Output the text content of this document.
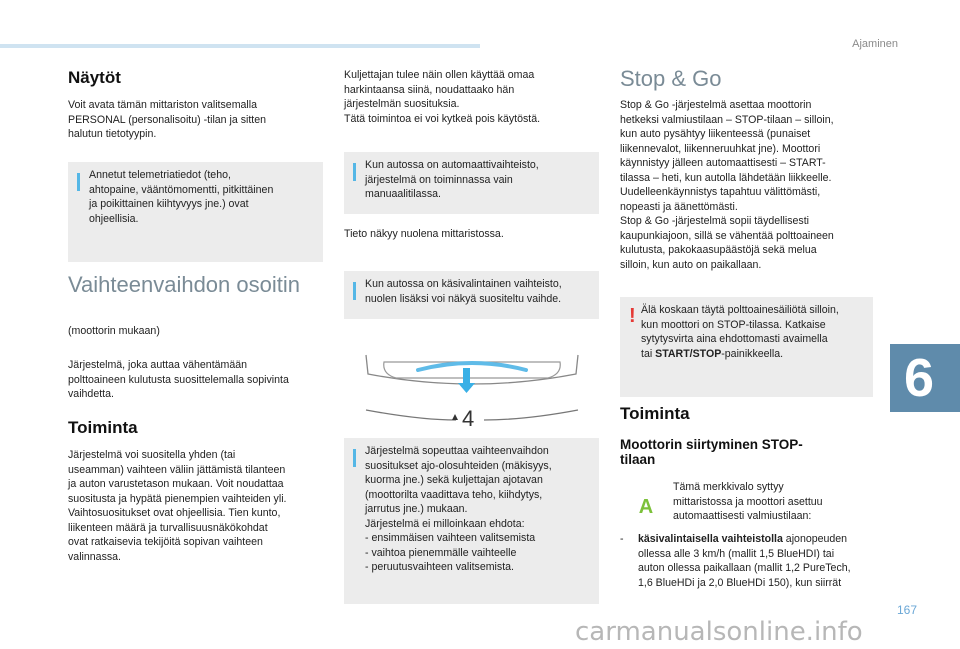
Ajaminen
Näytöt
Voit avata tämän mittariston valitsemalla
PERSONAL (personalisoitu) -tilan ja sitten
halutun tietotyypin.
Annetut telemetriatiedot (teho,
ahtopaine, vääntömomentti, pitkittäinen
ja poikittainen kiihtyvyys jne.) ovat
ohjeellisia.
Vaihteenvaihdon osoitin
(moottorin mukaan)
Järjestelmä, joka auttaa vähentämään
polttoaineen kulutusta suosittelemalla sopivinta
vaihdetta.
Toiminta
Järjestelmä voi suositella yhden (tai
useamman) vaihteen väliin jättämistä tilanteen
ja auton varustetason mukaan. Voit noudattaa
suositusta ja hypätä pienempien vaihteiden yli.
Vaihtosuositukset ovat ohjeellisia. Tien kunto,
liikenteen määrä ja turvallisuusnäkökohdat
ovat ratkaisevia tekijöitä sopivan vaihteen
valinnassa.
Kuljettajan tulee näin ollen käyttää omaa
harkintaansa siinä, noudattaako hän
järjestelmän suosituksia.
Tätä toimintoa ei voi kytkeä pois käytöstä.
Kun autossa on automaattivaihteisto,
järjestelmä on toiminnassa vain
manuaalitilassa.
Tieto näkyy nuolena mittaristossa.
Kun autossa on käsivalintainen vaihteisto,
nuolen lisäksi voi näkyä suositeltu vaihde.
4
Järjestelmä sopeuttaa vaihteenvaihdon
suositukset ajo-olosuhteiden (mäkisyys,
kuorma jne.) sekä kuljettajan ajotavan
(moottorilta vaadittava teho, kiihdytys,
jarrutus jne.) mukaan.
Järjestelmä ei milloinkaan ehdota:
- ensimmäisen vaihteen valitsemista
- vaihtoa pienemmälle vaihteelle
- peruutusvaihteen valitsemista.
Stop & Go
Stop & Go -järjestelmä asettaa moottorin
hetkeksi valmiustilaan – STOP-tilaan – silloin,
kun auto pysähtyy liikenteessä (punaiset
liikennevalot, liikenneruuhkat jne). Moottori
käynnistyy jälleen automaattisesti – START-
tilassa – heti, kun autolla lähdetään liikkeelle.
Uudelleenkäynnistys tapahtuu välittömästi,
nopeasti ja äänettömästi.
Stop & Go -järjestelmä sopii täydellisesti
kaupunkiajoon, sillä se vähentää polttoaineen
kulutusta, pakokaasupäästöjä sekä melua
silloin, kun auto on paikallaan.
! Älä koskaan täytä polttoainesäiliötä silloin,
kun moottori on STOP-tilassa. Katkaise
sytytysvirta aina ehdottomasti avaimella
tai START/STOP-painikkeella.
Toiminta
Moottorin siirtyminen STOP-
tilaan
A
Tämä merkkivalo syttyy
mittaristossa ja moottori asettuu
automaattisesti valmiustilaan:
- käsivalintaisella vaihteistolla ajonopeuden
ollessa alle 3 km/h (mallit 1,5 BlueHDI) tai
auton ollessa paikallaan (mallit 1,2 PureTech,
1,6 BlueHDi ja 2,0 BlueHDi 150), kun siirrät
6
167
carmanualsonline.info
